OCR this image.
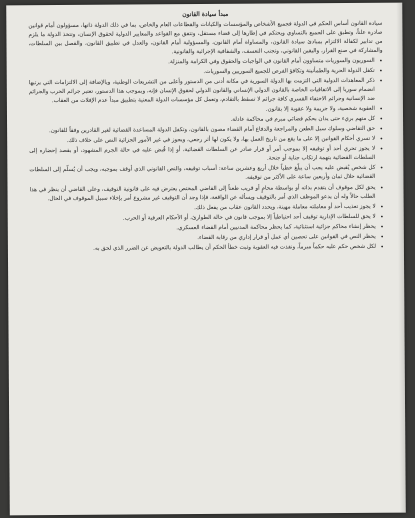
مبدأ سيادة القانون

سيادة القانون أساس الحكم في الدولة فجميع الأشخاص والمؤسسات والكيانات والقطاعات العام والخاص، بما في ذلك الدولة ذاتها، مسؤولون أمام قوانين صادرة علناً، وتطبق على الجميع بالتساوي ويحتكم في إطارها إلى قضاء مستقل، وتتفق مع القواعد والمعايير الدولية لحقوق الإنسان، وتتخذ الدولة ما يلزم من تدابير لكفالة الالتزام بمبادئ سيادة القانون، والمساواة أمام القانون، والمسؤولية أمام القانون، والعدل في تطبيق القانون، والفصل بين السلطات، والمشاركة في صنع القرار، واليقين القانوني، وتجنب التعسف، والشفافية الإجرائية والقانونية.

• السوريون والسوريات متساوون أمام القانون في الواجبات والحقوق وفي الكرامة والمنزلة.
• تكفل الدولة الحرية والطمأنينة وتكافؤ الفرص للجميع السوريين والسوريات.
• ذكر المعاهدات الدولية التي التزمت بها الدولة السورية في مكانة أدنى من الدستور وأعلى من التشريعات الوطنية، وبالإضافة إلى الالتزامات التي يرتبها انضمام سوريا إلى الاتفاقيات الخاصة بالقانون الدولي الإنساني والقانون الدولي لحقوق الإنسان فإنه، وبموجب هذا الدستور، تعتبر جرائم الحرب والجرائم ضد الإنسانية وجرائم الاختفاء القسري كافة جرائم لا تسقط بالتقادم، وتعمل كل مؤسسات الدولة المعنية بتطبيق مبدأ عدم الإفلات من العقاب.
• العقوبة شخصية، ولا جريمة ولا عقوبة إلا بقانون.
• كل متهم بريء حتى يدان بحكم قضائي مبرم في محاكمة عادلة.
• حق التقاضي وسلوك سبل الطعن والمراجعة والدفاع أمام القضاء مصون بالقانون، وتكفل الدولة المساعدة القضائية لغير القادرين وفقاً للقانون.
• لا تسري أحكام القوانين إلا على ما يقع من تاريخ العمل بها، ولا يكون لها أثر رجعي، ويجوز في غير الأمور الجزائية النص على خلاف ذلك.
• لا يجوز تحري أحد أو توقيفه إلا بموجب أمر أو قرار صادر عن السلطات القضائية، أو إذا قُبض عليه في حالة الجرم المشهود، أو بقصد إحضاره إلى السلطات القضائية بتهمة ارتكاب جناية أو جنحة.
• كل شخص يُقبض عليه يجب أن يبلّغ خطياً خلال أربع وعشرين ساعة: أسباب توقيفه، والنص القانوني الذي أوقف بموجبه، ويجب أن يُسلّم إلى السلطات القضائية خلال ثمان وأربعين ساعة على الأكثر من توقيفه.
• يحق لكل موقوف أن يتقدم بذاته أو بواسطة محامٍ أو قريب طعناً إلى القاضي المختص يعترض فيه على قانونية التوقيف، وعلى القاضي أن ينظر في هذا الطلب حالاً وله أن يدعو الموظف الذي أمر بالتوقيف ويسأله عن الواقعة، فإذا وجد أن التوقيف غير مشروع أمر بإخلاء سبيل الموقوف في الحال.
• لا يجوز تعذيب أحد أو معاملته معاملة مهينة، ويحدد القانون عقاب من يفعل ذلك.
• لا يحق للسلطات الإدارية توقيف أحد احتياطياً إلا بموجب قانون في حالة الطوارئ، أو الأحكام العرفية أو الحرب.
• يحظر إنشاء محاكم جزائية استثنائية، كما يحظر محاكمة المدنيين أمام القضاء العسكري.
• يحظر النص في القوانين على تحصين أي عمل أو قرار إداري من رقابة القضاء.
• لكل شخص حكم عليه حكماً مبرماً، ونفذت فيه العقوبة وثبت خطأ الحكم أن يطالب الدولة بالتعويض عن الضرر الذي لحق به.
